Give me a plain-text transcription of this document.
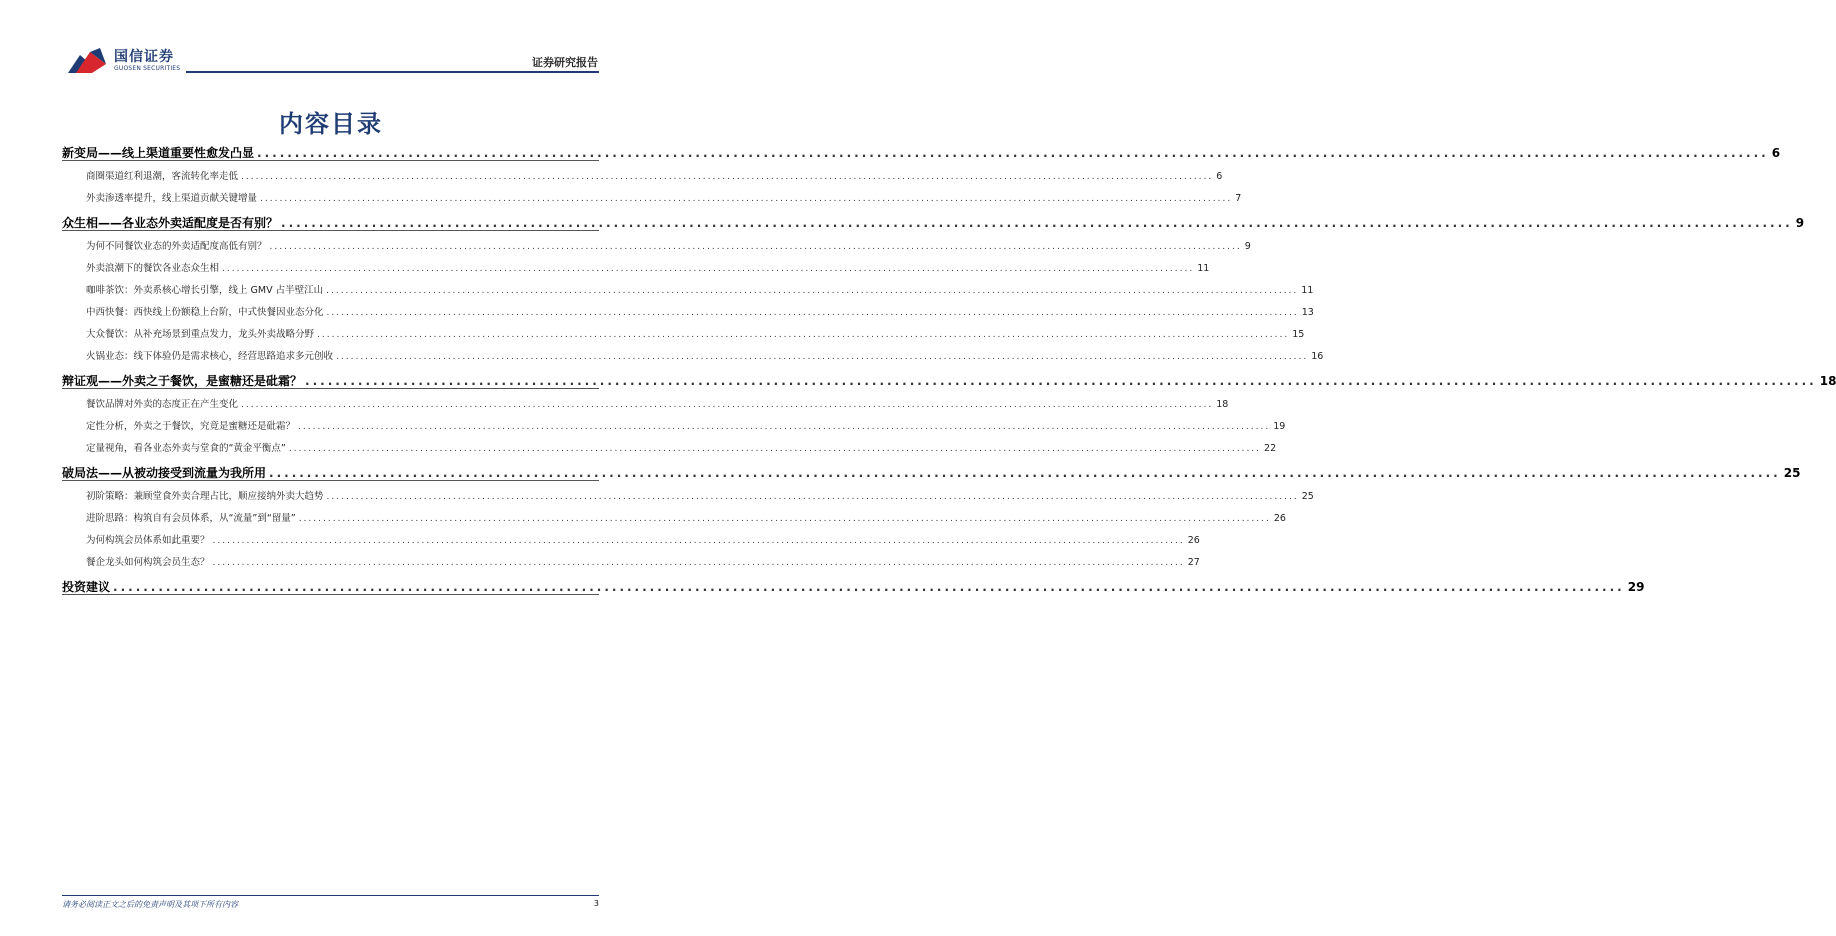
国信证券
GUOSEN SECURITIES	证券研究报告
内容目录
新变局——线上渠道重要性愈发凸显 ........................................................................................................................................................................................................ 6
商圈渠道红利退潮，客流转化率走低 ........................................................................................................................................................................................................ 6
外卖渗透率提升，线上渠道贡献关键增量 ........................................................................................................................................................................................................ 7
众生相——各业态外卖适配度是否有别？ ........................................................................................................................................................................................................ 9
为何不同餐饮业态的外卖适配度高低有别？ ........................................................................................................................................................................................................ 9
外卖浪潮下的餐饮各业态众生相 ........................................................................................................................................................................................................ 11
咖啡茶饮：外卖系核心增长引擎，线上 GMV 占半壁江山 ........................................................................................................................................................................................................ 11
中西快餐：西快线上份额稳上台阶，中式快餐因业态分化 ........................................................................................................................................................................................................ 13
大众餐饮：从补充场景到重点发力，龙头外卖战略分野 ........................................................................................................................................................................................................ 15
火锅业态：线下体验仍是需求核心，经营思路追求多元创收 ........................................................................................................................................................................................................ 16
辩证观——外卖之于餐饮，是蜜糖还是砒霜？ ........................................................................................................................................................................................................ 18
餐饮品牌对外卖的态度正在产生变化 ........................................................................................................................................................................................................ 18
定性分析，外卖之于餐饮，究竟是蜜糖还是砒霜？ ........................................................................................................................................................................................................ 19
定量视角，看各业态外卖与堂食的“黄金平衡点” ........................................................................................................................................................................................................ 22
破局法——从被动接受到流量为我所用 ........................................................................................................................................................................................................ 25
初阶策略：兼顾堂食外卖合理占比，顺应接纳外卖大趋势 ........................................................................................................................................................................................................ 25
进阶思路：构筑自有会员体系，从“流量”到“留量” ........................................................................................................................................................................................................ 26
为何构筑会员体系如此重要？ ........................................................................................................................................................................................................ 26
餐企龙头如何构筑会员生态？ ........................................................................................................................................................................................................ 27
投资建议 ........................................................................................................................................................................................................ 29
请务必阅读正文之后的免责声明及其项下所有内容	3
